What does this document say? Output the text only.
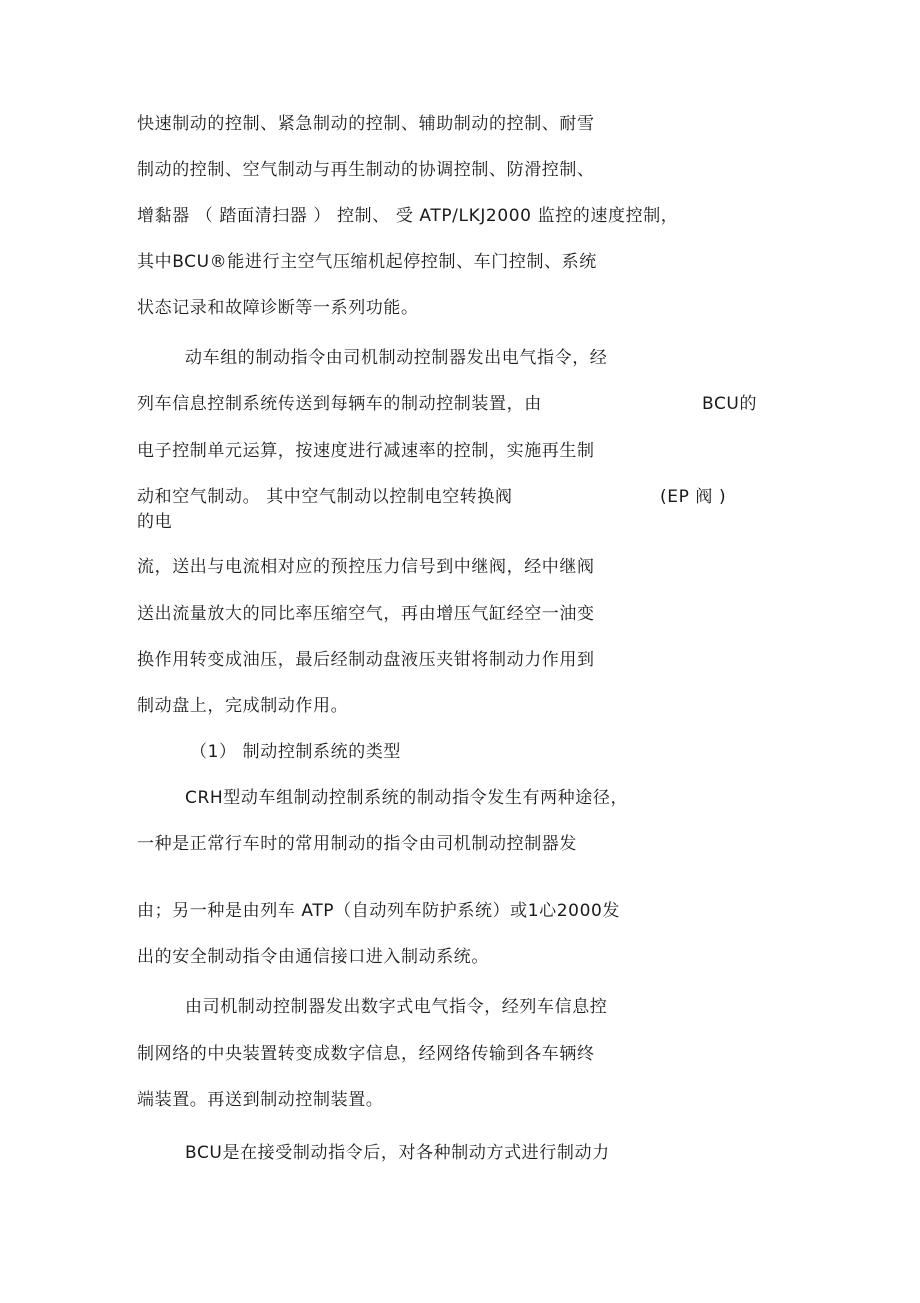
快速制动的控制、紧急制动的控制、辅助制动的控制、耐雪
制动的控制、空气制动与再生制动的协调控制、防滑控制、
增黏器 （ 踏面清扫器 ） 控制、 受 ATP/LKJ2000 监控的速度控制，
其中BCU®能进行主空气压缩机起停控制、车门控制、系统
状态记录和故障诊断等一系列功能。
动车组的制动指令由司机制动控制器发出电气指令，经
列车信息控制系统传送到每辆车的制动控制装置，由	BCU的
电子控制单元运算，按速度进行减速率的控制，实施再生制
动和空气制动。 其中空气制动以控制电空转换阀	(EP 阀 )
的电
流，送出与电流相对应的预控压力信号到中继阀，经中继阀
送出流量放大的同比率压缩空气，再由增压气缸经空一油变
换作用转变成油压，最后经制动盘液压夹钳将制动力作用到
制动盘上，完成制动作用。
（1） 制动控制系统的类型
CRH型动车组制动控制系统的制动指令发生有两种途径，
一种是正常行车时的常用制动的指令由司机制动控制器发
由；另一种是由列车 ATP（自动列车防护系统）或1心2000发
出的安全制动指令由通信接口进入制动系统。
由司机制动控制器发出数字式电气指令，经列车信息控
制网络的中央装置转变成数字信息，经网络传输到各车辆终
端装置。再送到制动控制装置。
BCU是在接受制动指令后，对各种制动方式进行制动力
